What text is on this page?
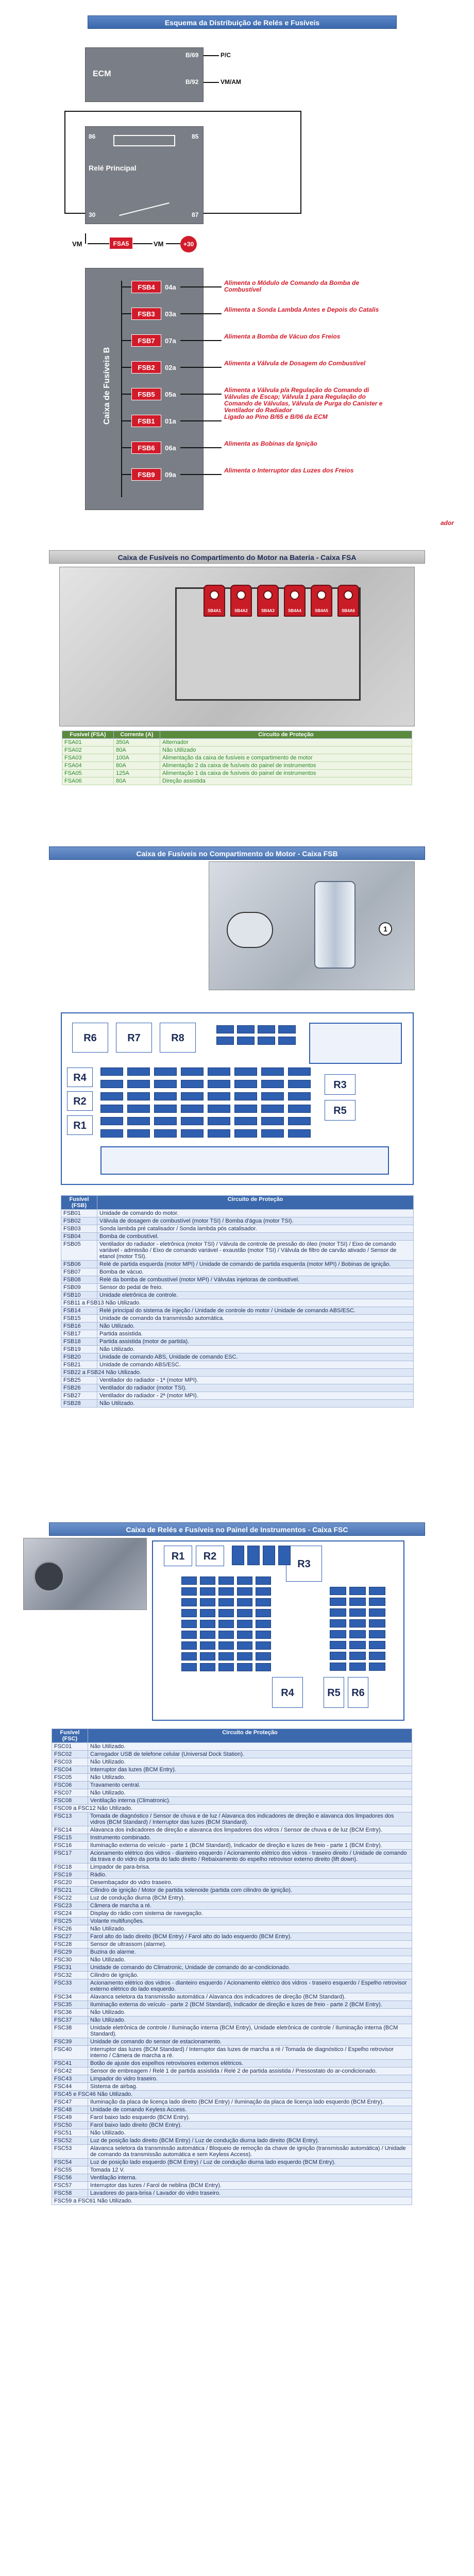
Esquema da Distribuição de Relés e Fusíveis
ECM
B/69
B/92
P/C
VM/AM
Relé Principal
86	85
30	87
VM	FSA5	VM	+30
Caixa de Fusíveis B
FSB4	04a
Alimenta o Módulo de Comando da Bomba de Combustível
FSB3	03a
Alimenta a Sonda Lambda Antes e Depois do Catalis
FSB7	07a
Alimenta a Bomba de Vácuo dos Freios
FSB2	02a
Alimenta a Válvula de Dosagem do Combustível
FSB5	05a
Alimenta a Válvula p/a Regulação do Comando di Válvulas de Escap; Válvula 1 para Regulação do Comando de Válvulas, Válvula de Purga do Canister e Ventilador do Radiador
FSB1	01a
Ligado ao Pino B/65 e B/06 da ECM
FSB6	06a
Alimenta as Bobinas da Ignição
FSB9	09a
Alimenta o Interruptor das Luzes dos Freios
ador
Caixa de Fusíveis no Compartimento do Motor na Bateria - Caixa FSA
SB4A1	SB4A2	SB4A3	SB4A4	SB4A5	SB4A6
Fusível (FSA)	Corrente (A)	Circuito de Proteção
FSA01	350A	Alternador
FSA02	80A	Não Utilizado
FSA03	100A	Alimentação da caixa de fusíveis e compartimento de motor
FSA04	80A	Alimentação 2 da caixa de fusíveis do painel de instrumentos
FSA05	125A	Alimentação 1 da caixa de fusíveis do painel de instrumentos
FSA06	80A	Direção assistida
Caixa de Fusíveis no Compartimento do Motor - Caixa FSB
1
R6	R7	R8
R4
R2
R1
R3
R5
Fusível (FSB)	Circuito de Proteção
FSB01	Unidade de comando do motor.
FSB02	Válvula de dosagem de combustível (motor TSI) / Bomba d'água (motor TSI).
FSB03	Sonda lambda pré catalisador / Sonda lambda pós catalisador.
FSB04	Bomba de combustível.
FSB05	Ventilador do radiador - eletrônica (motor TSI) / Válvula de controle de pressão do óleo (motor TSI) / Eixo de comando variável - admissão / Eixo de comando variável - exaustão (motor TSI) / Válvula de filtro de carvão ativado / Sensor de etanol (motor TSI).
FSB06	Relé de partida esquerda (motor MPI) / Unidade de comando de partida esquerda (motor MPI) / Bobinas de ignição.
FSB07	Bomba de vácuo.
FSB08	Relé da bomba de combustível (motor MPI) / Válvulas injetoras de combustível.
FSB09	Sensor do pedal de freio.
FSB10	Unidade eletrônica de controle.
FSB11 a FSB13 Não Utilizado.	
FSB14	Relé principal do sistema de injeção / Unidade de controle do motor / Unidade de comando ABS/ESC.
FSB15	Unidade de comando da transmissão automática.
FSB16	Não Utilizado.
FSB17	Partida assistida.
FSB18	Partida assistida (motor de partida).
FSB19	Não Utilizado.
FSB20	Unidade de comando ABS, Unidade de comando ESC.
FSB21	Unidade de comando ABS/ESC.
FSB22 a FSB24 Não Utilizado.	
FSB25	Ventilador do radiador - 1ª (motor MPI).
FSB26	Ventilador do radiador (motor TSI).
FSB27	Ventilador do radiador - 2ª (motor MPI).
FSB28	Não Utilizado.
Caixa de Relés e Fusíveis no Painel de Instrumentos - Caixa FSC
R1	R2
R3
R4	R5	R6
Fusível (FSC)	Circuito de Proteção
FSC01	Não Utilizado.
FSC02	Carregador USB de telefone celular (Universal Dock Station).
FSC03	Não Utilizado.
FSC04	Interruptor das luzes (BCM Entry).
FSC05	Não Utilizado.
FSC06	Travamento central.
FSC07	Não Utilizado.
FSC08	Ventilação interna (Climatronic).
FSC09 a FSC12 Não Utilizado.	
FSC13	Tomada de diagnóstico / Sensor de chuva e de luz / Alavanca dos indicadores de direção e alavanca dos limpadores dos vidros (BCM Standard) / Interruptor das luzes (BCM Standard).
FSC14	Alavanca dos indicadores de direção e alavanca dos limpadores dos vidros / Sensor de chuva e de luz (BCM Entry).
FSC15	Instrumento combinado.
FSC16	Iluminação externa do veículo - parte 1 (BCM Standard), Indicador de direção e luzes de freio - parte 1 (BCM Entry).
FSC17	Acionamento elétrico dos vidros - dianteiro esquerdo / Acionamento elétrico dos vidros - traseiro direito / Unidade de comando da trava e do vidro da porta do lado direito / Rebaixamento do espelho retrovisor externo direito (lift down).
FSC18	Limpador de para-brisa.
FSC19	Rádio.
FSC20	Desembaçador do vidro traseiro.
FSC21	Cilindro de ignição / Motor de partida solenoide (partida com cilindro de ignição).
FSC22	Luz de condução diurna (BCM Entry).
FSC23	Câmera de marcha a ré.
FSC24	Display do rádio com sistema de navegação.
FSC25	Volante multifunções.
FSC26	Não Utilizado.
FSC27	Farol alto do lado direito (BCM Entry) / Farol alto do lado esquerdo (BCM Entry).
FSC28	Sensor de ultrassom (alarme).
FSC29	Buzina do alarme.
FSC30	Não Utilizado.
FSC31	Unidade de comando do Climatronic, Unidade de comando do ar-condicionado.
FSC32	Cilindro de ignição.
FSC33	Acionamento elétrico dos vidros - dianteiro esquerdo / Acionamento elétrico dos vidros - traseiro esquerdo / Espelho retrovisor externo elétrico do lado esquerdo.
FSC34	Alavanca seletora da transmissão automática / Alavanca dos indicadores de direção (BCM Standard).
FSC35	Iluminação externa do veículo - parte 2 (BCM Standard), Indicador de direção e luzes de freio - parte 2 (BCM Entry).
FSC36	Não Utilizado.
FSC37	Não Utilizado.
FSC38	Unidade eletrônica de controle / Iluminação interna (BCM Entry), Unidade eletrônica de controle / Iluminação interna (BCM Standard).
FSC39	Unidade de comando do sensor de estacionamento.
FSC40	Interruptor das luzes (BCM Standard) / Interruptor das luzes de marcha a ré / Tomada de diagnóstico / Espelho retrovisor interno / Câmera de marcha a ré.
FSC41	Botão de ajuste dos espelhos retrovisores externos elétricos.
FSC42	Sensor de embreagem / Relé 1 de partida assistida / Relé 2 de partida assistida / Pressostato do ar-condicionado.
FSC43	Limpador do vidro traseiro.
FSC44	Sistema de airbag.
FSC45 e FSC46 Não Utilizado.	
FSC47	Iluminação da placa de licença lado direito (BCM Entry) / Iluminação da placa de licença lado esquerdo (BCM Entry).
FSC48	Unidade de comando Keyless Access.
FSC49	Farol baixo lado esquerdo (BCM Entry).
FSC50	Farol baixo lado direito (BCM Entry).
FSC51	Não Utilizado.
FSC52	Luz de posição lado direito (BCM Entry) / Luz de condução diurna lado direito (BCM Entry).
FSC53	Alavanca seletora da transmissão automática / Bloqueio de remoção da chave de ignição (transmissão automática) / Unidade de comando da transmissão automática e sem Keyless Access).
FSC54	Luz de posição lado esquerdo (BCM Entry) / Luz de condução diurna lado esquerdo (BCM Entry).
FSC55	Tomada 12 V.
FSC56	Ventilação interna.
FSC57	Interruptor das luzes / Farol de neblina (BCM Entry).
FSC58	Lavadores do para-brisa / Lavador do vidro traseiro.
FSC59 a FSC61 Não Utilizado.	
